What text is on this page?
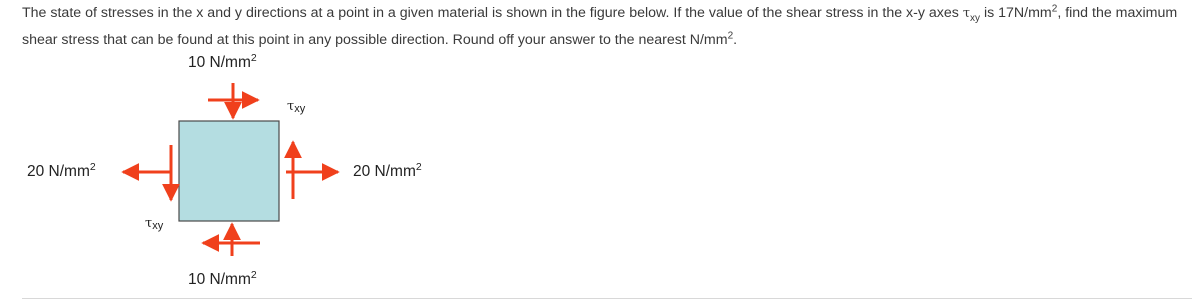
The state of stresses in the x and y directions at a point in a given material is shown in the figure below. If the value of the shear stress in the x-y axes $\tau_{xy}$ is $17N/mm^2$, find the maximum shear stress that can be found at this point in any possible direction. Round off your answer to the nearest $N/mm^2$.
10 $N/mm^2$
10 $N/mm^2$
20 $N/mm^2$	20 $N/mm^2$
τxy
τxy
